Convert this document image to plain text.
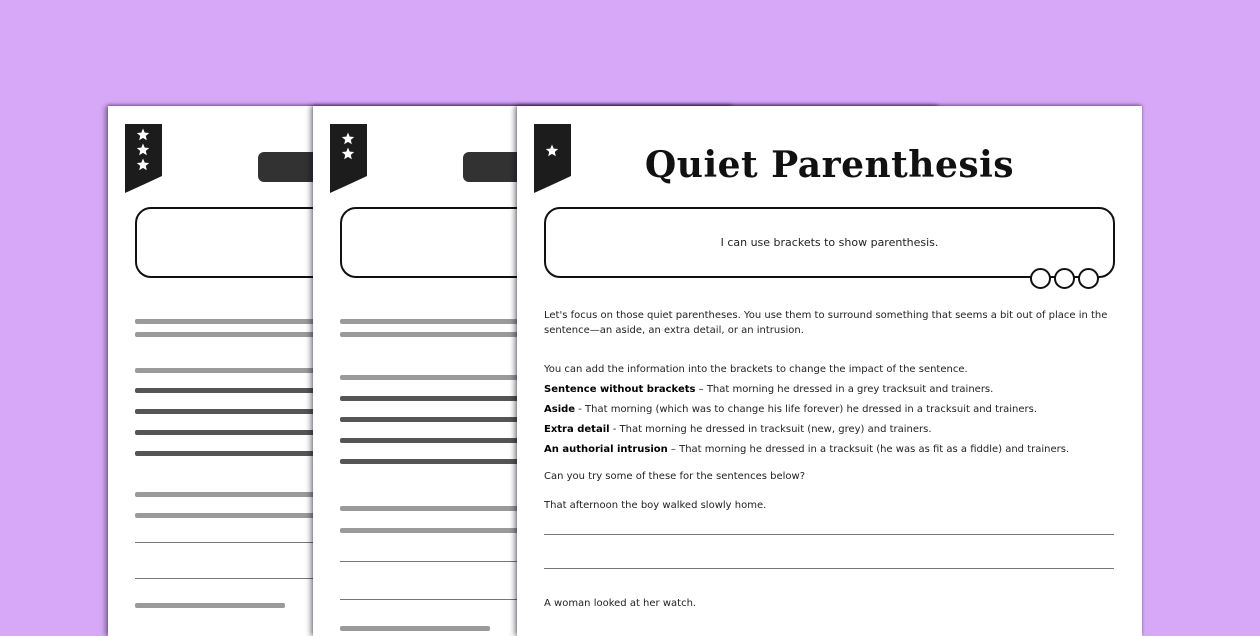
Quiet Parenthesis
I can use brackets to show parenthesis.
Let's focus on those quiet parentheses. You use them to surround something that seems a bit out of place in the sentence—an aside, an extra detail, or an intrusion.
You can add the information into the brackets to change the impact of the sentence.
Sentence without brackets – That morning he dressed in a grey tracksuit and trainers.
Aside - That morning (which was to change his life forever) he dressed in a tracksuit and trainers.
Extra detail - That morning he dressed in tracksuit (new, grey) and trainers.
An authorial intrusion – That morning he dressed in a tracksuit (he was as fit as a fiddle) and trainers.
Can you try some of these for the sentences below?
That afternoon the boy walked slowly home.
A woman looked at her watch.
